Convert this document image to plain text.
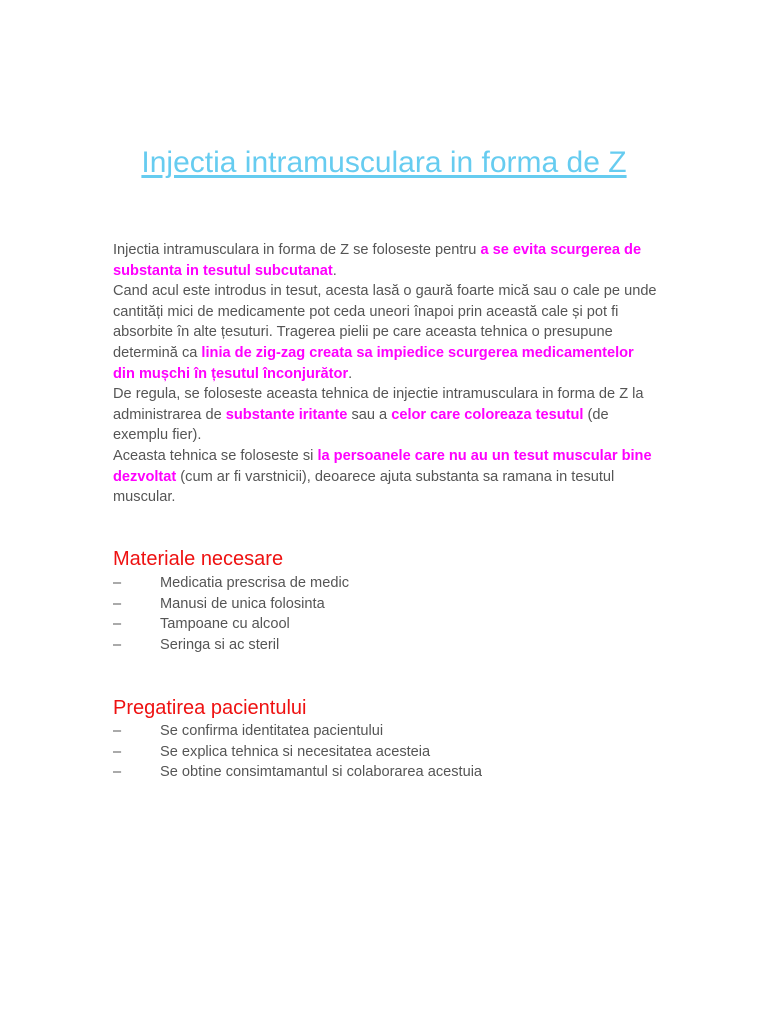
Injectia intramusculara in forma de Z

Injectia intramusculara in forma de Z se foloseste pentru a se evita scurgerea de substanta in tesutul subcutanat.

Cand acul este introdus in tesut, acesta lasă o gaură foarte mică sau o cale pe unde cantități mici de medicamente pot ceda uneori înapoi prin această cale și pot fi absorbite în alte țesuturi. Tragerea pielii pe care aceasta tehnica o presupune determină ca linia de zig-zag creata sa impiedice scurgerea medicamentelor din mușchi în țesutul înconjurător.

De regula, se foloseste aceasta tehnica de injectie intramusculara in forma de Z la administrarea de substante iritante sau a celor care coloreaza tesutul (de exemplu fier).

Aceasta tehnica se foloseste si la persoanele care nu au un tesut muscular bine dezvoltat (cum ar fi varstnicii), deoarece ajuta substanta sa ramana in tesutul muscular.

Materiale necesare
–	Medicatia prescrisa de medic
–	Manusi de unica folosinta
–	Tampoane cu alcool
–	Seringa si ac steril
Pregatirea pacientului
–	Se confirma identitatea pacientului
–	Se explica tehnica si necesitatea acesteia
–	Se obtine consimtamantul si colaborarea acestuia
